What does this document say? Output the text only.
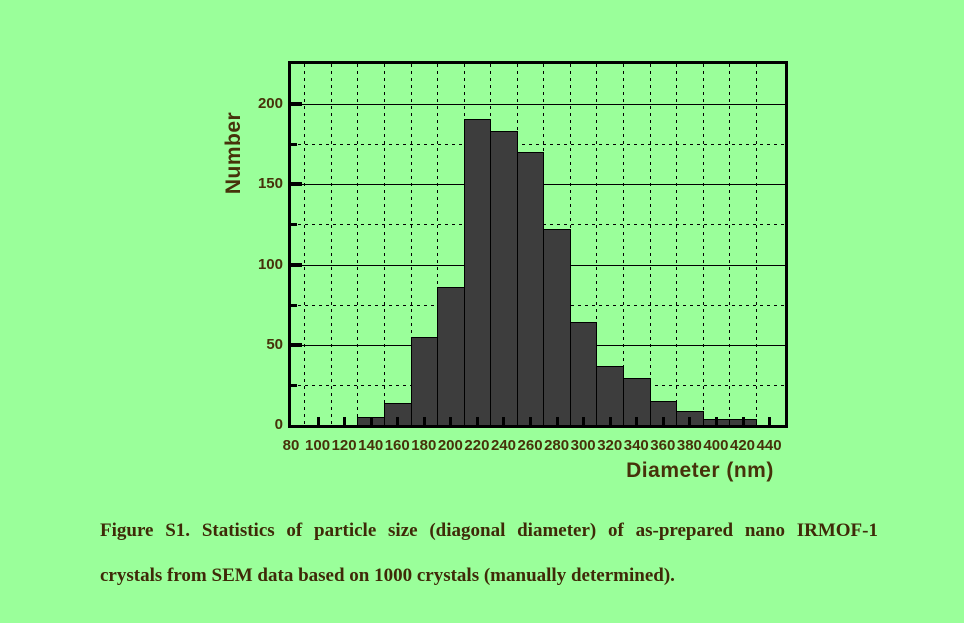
Number
80 100 120 140 160 180 200 220 240 260 280 300 320 340 360 380 400 420 440
0
50
100
150
200
Diameter (nm)
Figure S1. Statistics of particle size (diagonal diameter) of as-prepared nano IRMOF-1
crystals from SEM data based on 1000 crystals (manually determined).
